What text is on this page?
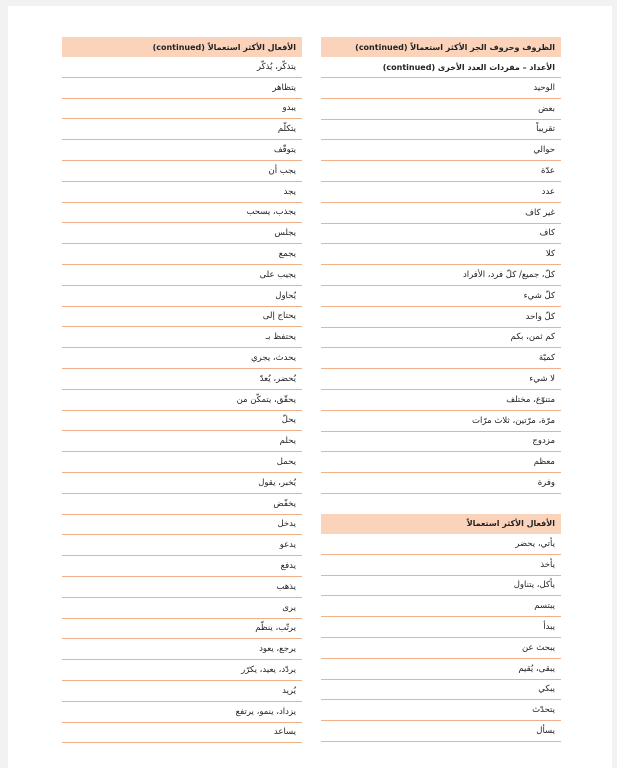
الظروف وحروف الجر الأكثر استعمالاً (continued)
الأعداد – مفردات العدد الأخرى (continued)
الوحيد
بعض
تقريباً
حوالي
عدّة
عدد
غير كاف
كاف
كلا
كلّ، جميع/ كلّ فرد، الأفراد
كلّ شيء
كلّ واحد
كم ثمن، بكم
كميّة
لا شيء
متنوّع، مختلف
مرّة، مرّتين، ثلاث مرّات
مزدوج
معظم
وفرة
الأفعال الأكثر استعمالاً
يأتي، يحضر
يأخذ
يأكل، يتناول
يبتسم
يبدأ
يبحث عن
يبقى، يُقيم
يبكي
يتحدّث
يسأل
الأفعال الأكثر استعمالاً (continued)
يتذكّر، يُذكّر
يتظاهر
يبدو
يتكلّم
يتوقّف
يجب أن
يجد
يجذب، يسحب
يجلس
يجمع
يجيب على
يُحاول
يحتاج إلى
يحتفظ بـ
يحدث، يجري
يُحضر، يُعدّ
يحقّق، يتمكّن من
يحلّ
يحلم
يحمل
يُخبر، يقول
يخفّض
يدخل
يدعو
يدفع
يذهب
يرى
يرتّب، ينظّم
يرجع، يعود
يردّد، يعيد، يكرّر
يُريد
يزداد، ينمو، يرتفع
يساعد
